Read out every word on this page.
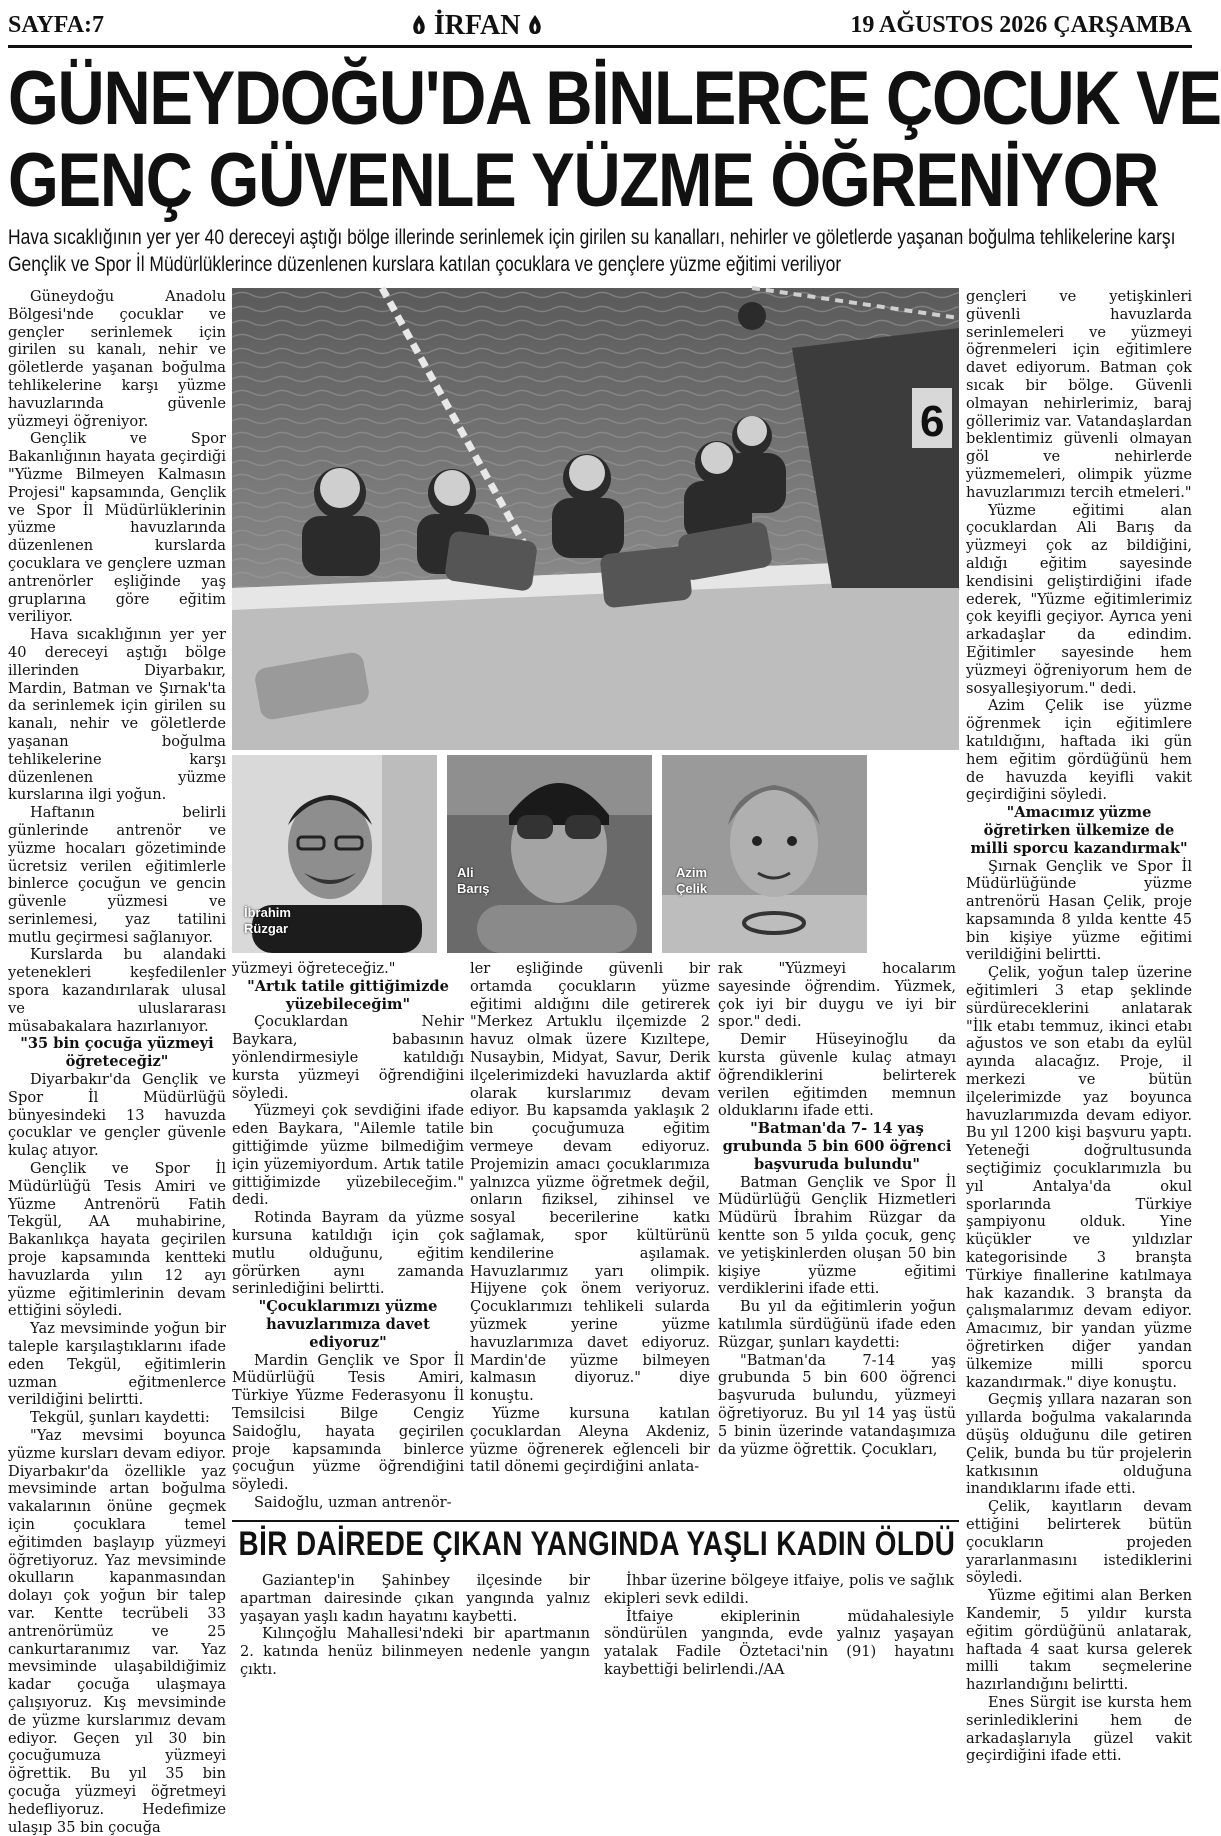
SAYFA:7	İRFAN	19 AĞUSTOS 2026 ÇARŞAMBA
GÜNEYDOĞU'DA BİNLERCE ÇOCUK VE
GENÇ GÜVENLE YÜZME ÖĞRENİYOR
Hava sıcaklığının yer yer 40 dereceyi aştığı bölge illerinde serinlemek için girilen su kanalları, nehirler ve göletlerde yaşanan boğulma tehlikelerine karşı Gençlik ve Spor İl Müdürlüklerince düzenlenen kurslara katılan çocuklara ve gençlere yüzme eğitimi veriliyor

Güneydoğu Anadolu Bölgesi'nde çocuklar ve gençler serinlemek için girilen su kanalı, nehir ve göletlerde yaşanan boğulma tehlikelerine karşı yüzme havuzlarında güvenle yüzmeyi öğreniyor.

Gençlik ve Spor Bakanlığının hayata geçirdiği "Yüzme Bilmeyen Kalmasın Projesi" kapsamında, Gençlik ve Spor İl Müdürlüklerinin yüzme havuzlarında düzenlenen kurslarda çocuklara ve gençlere uzman antrenörler eşliğinde yaş gruplarına göre eğitim veriliyor.

Hava sıcaklığının yer yer 40 dereceyi aştığı bölge illerinden Diyarbakır, Mardin, Batman ve Şırnak'ta da serinlemek için girilen su kanalı, nehir ve göletlerde yaşanan boğulma tehlikelerine karşı düzenlenen yüzme kurslarına ilgi yoğun.

Haftanın belirli günlerinde antrenör ve yüzme hocaları gözetiminde ücretsiz verilen eğitimlerle binlerce çocuğun ve gencin güvenle yüzmesi ve serinlemesi, yaz tatilini mutlu geçirmesi sağlanıyor.

Kurslarda bu alandaki yetenekleri keşfedilenler spora kazandırılarak ulusal ve uluslararası müsabakalara hazırlanıyor.

"35 bin çocuğa yüzmeyi öğreteceğiz"

Diyarbakır'da Gençlik ve Spor İl Müdürlüğü bünyesindeki 13 havuzda çocuklar ve gençler güvenle kulaç atıyor.

Gençlik ve Spor İl Müdürlüğü Tesis Amiri ve Yüzme Antrenörü Fatih Tekgül, AA muhabirine, Bakanlıkça hayata geçirilen proje kapsamında kentteki havuzlarda yılın 12 ayı yüzme eğitimlerinin devam ettiğini söyledi.

Yaz mevsiminde yoğun bir taleple karşılaştıklarını ifade eden Tekgül, eğitimlerin uzman eğitmenlerce verildiğini belirtti.

Tekgül, şunları kaydetti:

"Yaz mevsimi boyunca yüzme kursları devam ediyor. Diyarbakır'da özellikle yaz mevsiminde artan boğulma vakalarının önüne geçmek için çocuklara temel eğitimden başlayıp yüzmeyi öğretiyoruz. Yaz mevsiminde okulların kapanmasından dolayı çok yoğun bir talep var. Kentte tecrübeli 33 antrenörümüz ve 25 cankurtaranımız var. Yaz mevsiminde ulaşabildiğimiz kadar çocuğa ulaşmaya çalışıyoruz. Kış mevsiminde de yüzme kurslarımız devam ediyor. Geçen yıl 30 bin çocuğumuza yüzmeyi öğrettik. Bu yıl 35 bin çocuğa yüzmeyi öğretmeyi hedefliyoruz. Hedefimize ulaşıp 35 bin çocuğa

6
İbrahim
Rüzgar
Ali
Barış
Azim
Çelik

yüzmeyi öğreteceğiz."

"Artık tatile gittiğimizde yüzebileceğim"

Çocuklardan Nehir Baykara, babasının yönlendirmesiyle katıldığı kursta yüzmeyi öğrendiğini söyledi.

Yüzmeyi çok sevdiğini ifade eden Baykara, "Ailemle tatile gittiğimde yüzme bilmediğim için yüzemiyordum. Artık tatile gittiğimizde yüzebileceğim." dedi.

Rotinda Bayram da yüzme kursuna katıldığı için çok mutlu olduğunu, eğitim görürken aynı zamanda serinlediğini belirtti.

"Çocuklarımızı yüzme havuzlarımıza davet ediyoruz"

Mardin Gençlik ve Spor İl Müdürlüğü Tesis Amiri, Türkiye Yüzme Federasyonu İl Temsilcisi Bilge Cengiz Saidoğlu, hayata geçirilen proje kapsamında binlerce çocuğun yüzme öğrendiğini söyledi.

Saidoğlu, uzman antrenör-

ler eşliğinde güvenli bir ortamda çocukların yüzme eğitimi aldığını dile getirerek "Merkez Artuklu ilçemizde 2 havuz olmak üzere Kızıltepe, Nusaybin, Midyat, Savur, Derik ilçelerimizdeki havuzlarda aktif olarak kurslarımız devam ediyor. Bu kapsamda yaklaşık 2 bin çocuğumuza eğitim vermeye devam ediyoruz. Projemizin amacı çocuklarımıza yalnızca yüzme öğretmek değil, onların fiziksel, zihinsel ve sosyal becerilerine katkı sağlamak, spor kültürünü kendilerine aşılamak. Havuzlarımız yarı olimpik. Hijyene çok önem veriyoruz. Çocuklarımızı tehlikeli sularda yüzmek yerine yüzme havuzlarımıza davet ediyoruz. Mardin'de yüzme bilmeyen kalmasın diyoruz." diye konuştu.

Yüzme kursuna katılan çocuklardan Aleyna Akdeniz, yüzme öğrenerek eğlenceli bir tatil dönemi geçirdiğini anlata-

rak "Yüzmeyi hocalarım sayesinde öğrendim. Yüzmek, çok iyi bir duygu ve iyi bir spor." dedi.

Demir Hüseyinoğlu da kursta güvenle kulaç atmayı öğrendiklerini belirterek verilen eğitimden memnun olduklarını ifade etti.

"Batman'da 7- 14 yaş grubunda 5 bin 600 öğrenci başvuruda bulundu"

Batman Gençlik ve Spor İl Müdürlüğü Gençlik Hizmetleri Müdürü İbrahim Rüzgar da kentte son 5 yılda çocuk, genç ve yetişkinlerden oluşan 50 bin kişiye yüzme eğitimi verdiklerini ifade etti.

Bu yıl da eğitimlerin yoğun katılımla sürdüğünü ifade eden Rüzgar, şunları kaydetti:

"Batman'da 7-14 yaş grubunda 5 bin 600 öğrenci başvuruda bulundu, yüzmeyi öğretiyoruz. Bu yıl 14 yaş üstü 5 binin üzerinde vatandaşımıza da yüzme öğrettik. Çocukları,

gençleri ve yetişkinleri güvenli havuzlarda serinlemeleri ve yüzmeyi öğrenmeleri için eğitimlere davet ediyorum. Batman çok sıcak bir bölge. Güvenli olmayan nehirlerimiz, baraj göllerimiz var. Vatandaşlardan beklentimiz güvenli olmayan göl ve nehirlerde yüzmemeleri, olimpik yüzme havuzlarımızı tercih etmeleri."

Yüzme eğitimi alan çocuklardan Ali Barış da yüzmeyi çok az bildiğini, aldığı eğitim sayesinde kendisini geliştirdiğini ifade ederek, "Yüzme eğitimlerimiz çok keyifli geçiyor. Ayrıca yeni arkadaşlar da edindim. Eğitimler sayesinde hem yüzmeyi öğreniyorum hem de sosyalleşiyorum." dedi.

Azim Çelik ise yüzme öğrenmek için eğitimlere katıldığını, haftada iki gün hem eğitim gördüğünü hem de havuzda keyifli vakit geçirdiğini söyledi.

"Amacımız yüzme öğretirken ülkemize de milli sporcu kazandırmak"

Şırnak Gençlik ve Spor İl Müdürlüğünde yüzme antrenörü Hasan Çelik, proje kapsamında 8 yılda kentte 45 bin kişiye yüzme eğitimi verildiğini belirtti.

Çelik, yoğun talep üzerine eğitimleri 3 etap şeklinde sürdüreceklerini anlatarak "İlk etabı temmuz, ikinci etabı ağustos ve son etabı da eylül ayında alacağız. Proje, il merkezi ve bütün ilçelerimizde yaz boyunca havuzlarımızda devam ediyor. Bu yıl 1200 kişi başvuru yaptı. Yeteneği doğrultusunda seçtiğimiz çocuklarımızla bu yıl Antalya'da okul sporlarında Türkiye şampiyonu olduk. Yine küçükler ve yıldızlar kategorisinde 3 branşta Türkiye finallerine katılmaya hak kazandık. 3 branşta da çalışmalarımız devam ediyor. Amacımız, bir yandan yüzme öğretirken diğer yandan ülkemize milli sporcu kazandırmak." diye konuştu.

Geçmiş yıllara nazaran son yıllarda boğulma vakalarında düşüş olduğunu dile getiren Çelik, bunda bu tür projelerin katkısının olduğuna inandıklarını ifade etti.

Çelik, kayıtların devam ettiğini belirterek bütün çocukların projeden yararlanmasını istediklerini söyledi.

Yüzme eğitimi alan Berken Kandemir, 5 yıldır kursta eğitim gördüğünü anlatarak, haftada 4 saat kursa gelerek milli takım seçmelerine hazırlandığını belirtti.

Enes Sürgit ise kursta hem serinlediklerini hem de arkadaşlarıyla güzel vakit geçirdiğini ifade etti.

BİR DAİREDE ÇIKAN YANGINDA YAŞLI KADIN ÖLDÜ

Gaziantep'in Şahinbey ilçesinde bir apartman dairesinde çıkan yangında yalnız yaşayan yaşlı kadın hayatını kaybetti.

Kılınçoğlu Mahallesi'ndeki bir apartmanın 2. katında henüz bilinmeyen nedenle yangın çıktı.

İhbar üzerine bölgeye itfaiye, polis ve sağlık ekipleri sevk edildi.

İtfaiye ekiplerinin müdahalesiyle söndürülen yangında, evde yalnız yaşayan yatalak Fadile Öztetaci'nin (91) hayatını kaybettiği belirlendi./AA
